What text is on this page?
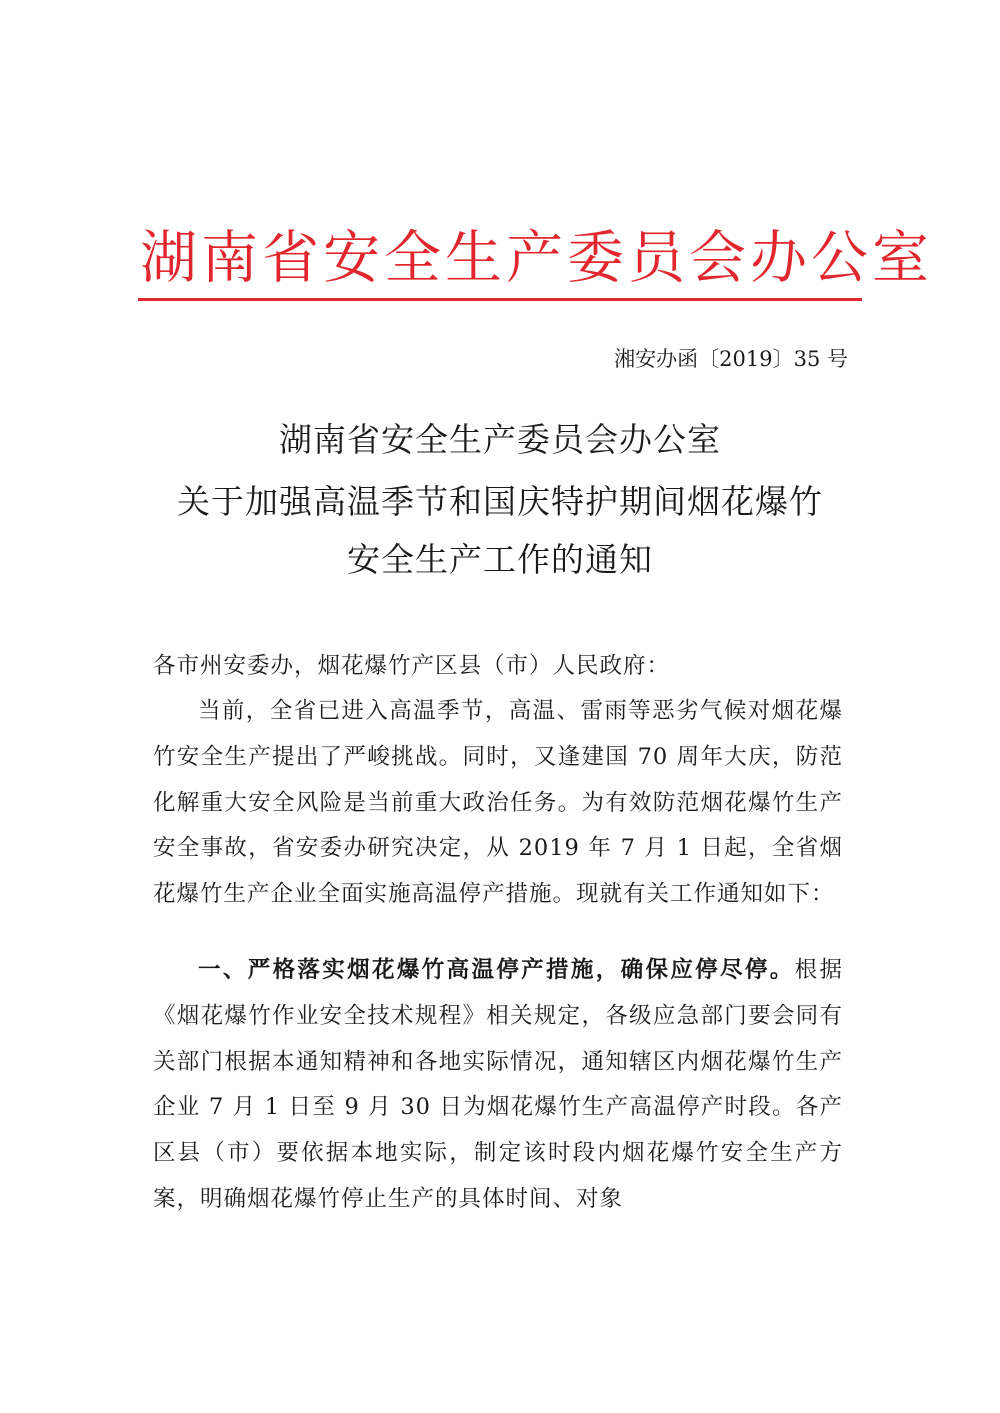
湖南省安全生产委员会办公室
湘安办函〔2019〕35 号
湖南省安全生产委员会办公室
关于加强高温季节和国庆特护期间烟花爆竹
安全生产工作的通知
各市州安委办，烟花爆竹产区县（市）人民政府：

当前，全省已进入高温季节，高温、雷雨等恶劣气候对烟花爆竹安全生产提出了严峻挑战。同时，又逢建国 70 周年大庆，防范化解重大安全风险是当前重大政治任务。为有效防范烟花爆竹生产安全事故，省安委办研究决定，从 2019 年 7 月 1 日起，全省烟花爆竹生产企业全面实施高温停产措施。现就有关工作通知如下：

一、严格落实烟花爆竹高温停产措施，确保应停尽停。根据《烟花爆竹作业安全技术规程》相关规定，各级应急部门要会同有关部门根据本通知精神和各地实际情况，通知辖区内烟花爆竹生产企业 7 月 1 日至 9 月 30 日为烟花爆竹生产高温停产时段。各产区县（市）要依据本地实际，制定该时段内烟花爆竹安全生产方案，明确烟花爆竹停止生产的具体时间、对象
